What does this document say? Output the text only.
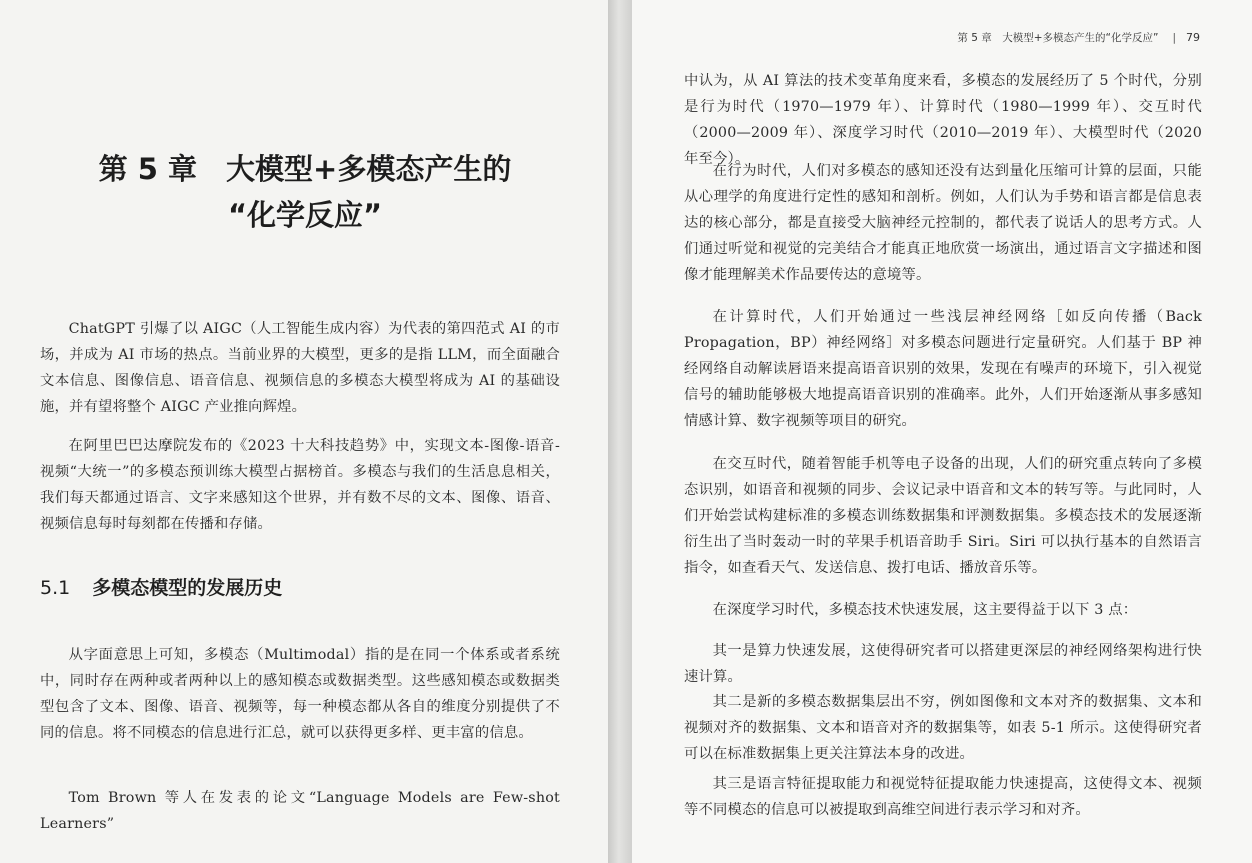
第 5 章　大模型+多模态产生的
“化学反应”

ChatGPT 引爆了以 AIGC（人工智能生成内容）为代表的第四范式 AI 的市场，并成为 AI 市场的热点。当前业界的大模型，更多的是指 LLM，而全面融合文本信息、图像信息、语音信息、视频信息的多模态大模型将成为 AI 的基础设施，并有望将整个 AIGC 产业推向辉煌。

在阿里巴巴达摩院发布的《2023 十大科技趋势》中，实现文本-图像-语音-视频“大统一”的多模态预训练大模型占据榜首。多模态与我们的生活息息相关，我们每天都通过语言、文字来感知这个世界，并有数不尽的文本、图像、语音、视频信息每时每刻都在传播和存储。

5.1 多模态模型的发展历史

从字面意思上可知，多模态（Multimodal）指的是在同一个体系或者系统中，同时存在两种或者两种以上的感知模态或数据类型。这些感知模态或数据类型包含了文本、图像、语音、视频等，每一种模态都从各自的维度分别提供了不同的信息。将不同模态的信息进行汇总，就可以获得更多样、更丰富的信息。

Tom Brown 等人在发表的论文“Language Models are Few-shot Learners”

第 5 章　大模型+多模态产生的“化学反应” | 79

中认为，从 AI 算法的技术变革角度来看，多模态的发展经历了 5 个时代，分别是行为时代（1970—1979 年）、计算时代（1980—1999 年）、交互时代（2000—2009 年）、深度学习时代（2010—2019 年）、大模型时代（2020 年至今）。

在行为时代，人们对多模态的感知还没有达到量化压缩可计算的层面，只能从心理学的角度进行定性的感知和剖析。例如，人们认为手势和语言都是信息表达的核心部分，都是直接受大脑神经元控制的，都代表了说话人的思考方式。人们通过听觉和视觉的完美结合才能真正地欣赏一场演出，通过语言文字描述和图像才能理解美术作品要传达的意境等。

在计算时代，人们开始通过一些浅层神经网络［如反向传播（Back Propagation，BP）神经网络］对多模态问题进行定量研究。人们基于 BP 神经网络自动解读唇语来提高语音识别的效果，发现在有噪声的环境下，引入视觉信号的辅助能够极大地提高语音识别的准确率。此外，人们开始逐渐从事多感知情感计算、数字视频等项目的研究。

在交互时代，随着智能手机等电子设备的出现，人们的研究重点转向了多模态识别，如语音和视频的同步、会议记录中语音和文本的转写等。与此同时，人们开始尝试构建标准的多模态训练数据集和评测数据集。多模态技术的发展逐渐衍生出了当时轰动一时的苹果手机语音助手 Siri。Siri 可以执行基本的自然语言指令，如查看天气、发送信息、拨打电话、播放音乐等。

在深度学习时代，多模态技术快速发展，这主要得益于以下 3 点：

其一是算力快速发展，这使得研究者可以搭建更深层的神经网络架构进行快速计算。

其二是新的多模态数据集层出不穷，例如图像和文本对齐的数据集、文本和视频对齐的数据集、文本和语音对齐的数据集等，如表 5-1 所示。这使得研究者可以在标准数据集上更关注算法本身的改进。

其三是语言特征提取能力和视觉特征提取能力快速提高，这使得文本、视频等不同模态的信息可以被提取到高维空间进行表示学习和对齐。
